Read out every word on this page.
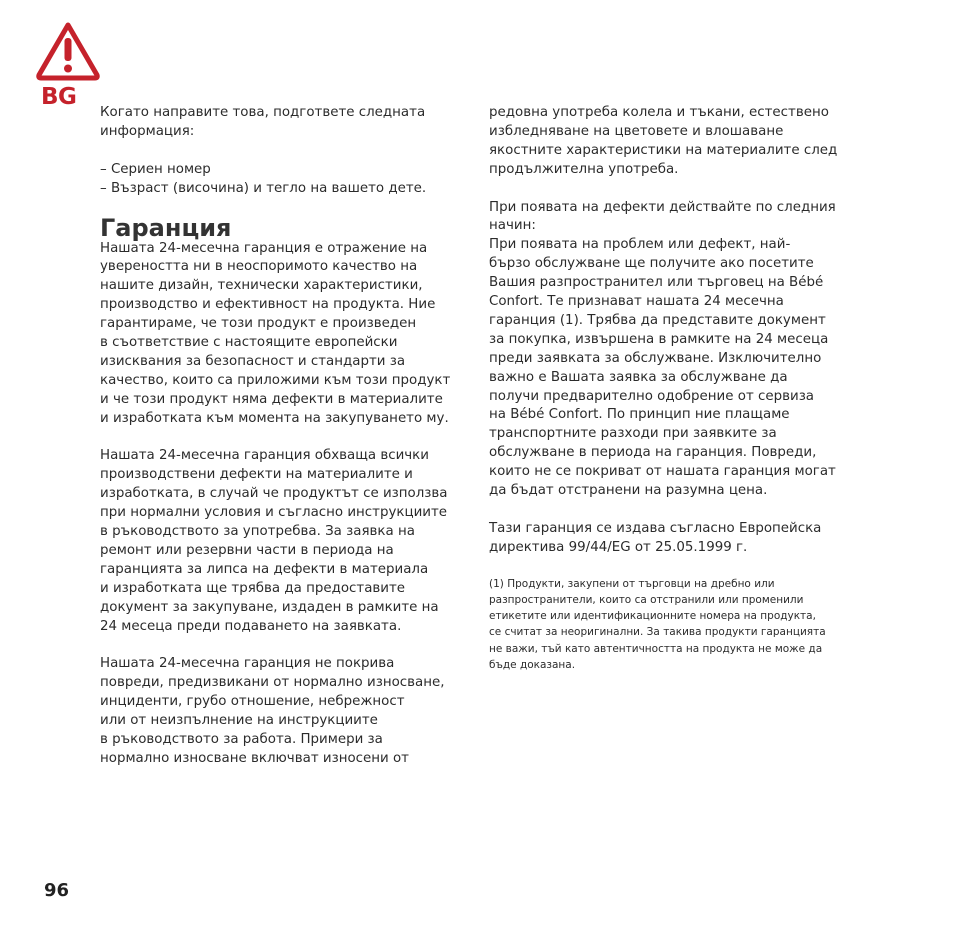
BG

Когато направите това, подгответе следната
информация:

– Сериен номер
– Възраст (височина) и тегло на вашето дете.

Гаранция

Нашата 24-месечна гаранция е отражение на
увереността ни в неоспоримото качество на
нашите дизайн, технически характеристики,
производство и ефективност на продукта. Ние
гарантираме, че този продукт е произведен
в съответствие с настоящите европейски
изисквания за безопасност и стандарти за
качество, които са приложими към този продукт
и че този продукт няма дефекти в материалите
и изработката към момента на закупуването му.

Нашата 24-месечна гаранция обхваща всички
производствени дефекти на материалите и
изработката, в случай че продуктът се използва
при нормални условия и съгласно инструкциите
в ръководството за употребва. За заявка на
ремонт или резервни части в периода на
гаранцията за липса на дефекти в материала
и изработката ще трябва да предоставите
документ за закупуване, издаден в рамките на
24 месеца преди подаването на заявката.

Нашата 24-месечна гаранция не покрива
повреди, предизвикани от нормално износване,
инциденти, грубо отношение, небрежност
или от неизпълнение на инструкциите
в ръководството за работа. Примери за
нормално износване включват износени от

редовна употреба колела и тъкани, естествено
избледняване на цветовете и влошаване
якостните характеристики на материалите след
продължителна употреба.

При появата на дефекти действайте по следния
начин:
При появата на проблем или дефект, най-
бързо обслужване ще получите ако посетите
Вашия разпространител или търговец на Bébé
Confort. Те признават нашата 24 месечна
гаранция (1). Трябва да представите документ
за покупка, извършена в рамките на 24 месеца
преди заявката за обслужване. Изключително
важно е Вашата заявка за обслужване да
получи предварително одобрение от сервиза
на Bébé Confort. По принцип ние плащаме
транспортните разходи при заявките за
обслужване в периода на гаранция. Повреди,
които не се покриват от нашата гаранция могат
да бъдат отстранени на разумна цена.

Тази гаранция се издава съгласно Европейска
директива 99/44/EG от 25.05.1999 г.

(1) Продукти, закупени от търговци на дребно или
разпространители, които са отстранили или променили
етикетите или идентификационните номера на продукта,
се считат за неоригинални. За такива продукти гаранцията
не важи, тъй като автентичността на продукта не може да
бъде доказана.

96
